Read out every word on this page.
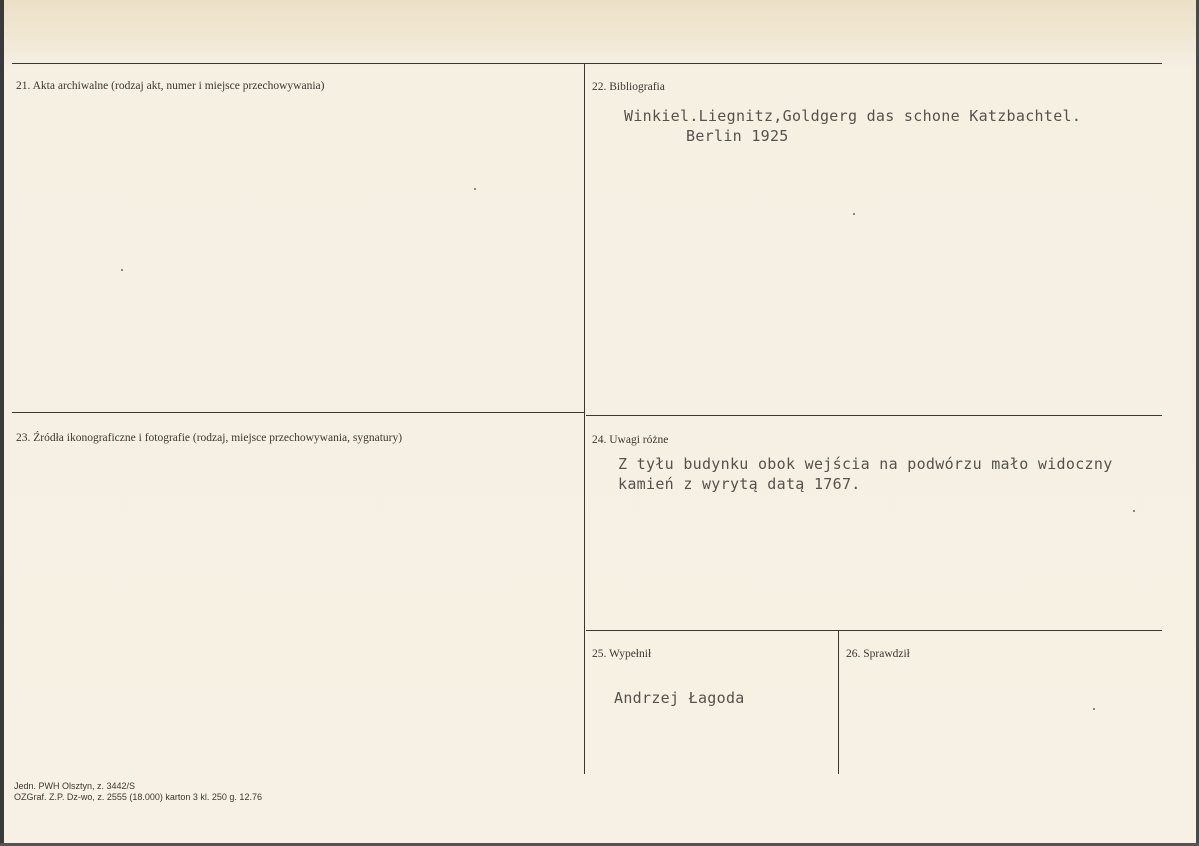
21. Akta archiwalne (rodzaj akt, numer i miejsce przechowywania)	22. Bibliografia
Winkiel.Liegnitz,Goldgerg das schone Katzbachtel.
Berlin 1925
23. Źródła ikonograficzne i fotografie (rodzaj, miejsce przechowywania, sygnatury)	24. Uwagi różne
Z tyłu budynku obok wejścia na podwórzu mało widoczny
kamień z wyrytą datą 1767.
25. Wypełnił
Andrzej Łagoda
26. Sprawdził
Jedn. PWH Olsztyn, z. 3442/S
OZGraf. Z.P. Dz-wo, z. 2555 (18.000) karton 3 kl. 250 g. 12.76
